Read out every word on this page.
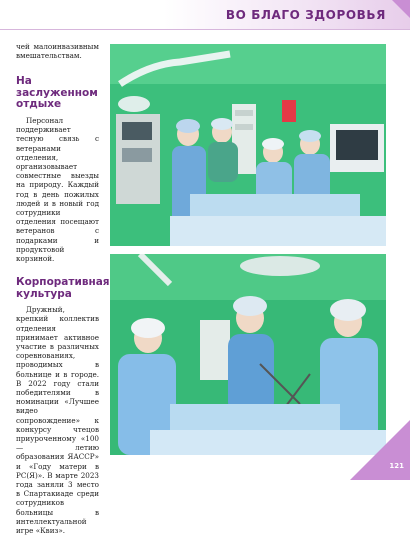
ВО БЛАГО ЗДОРОВЬЯ

чей малоинвазивным вмешательствам.

На заслуженном отдыхе

Персонал поддерживает тесную связь с ветеранами отделения, организовывает совместные выезды на природу. Каждый год в день пожилых людей и в новый год сотрудники отделения посещают ветеранов с подарками и продуктовой корзиной.

Корпоративная культура

Дружный, крепкий коллектив отделения принимает активное участие в различных соревнованиях, проводимых в больнице и в городе. В 2022 году стали победителями в номинации «Лучшее видео сопровождение» к конкурсу чтецов приуроченному «100 — летию образования ЯАССР» и «Году матери в РС(Я)». В марте 2023 года заняли 3 место в Спартакиаде среди сотрудников больницы в интеллектуальной игре «Квиз».

121
